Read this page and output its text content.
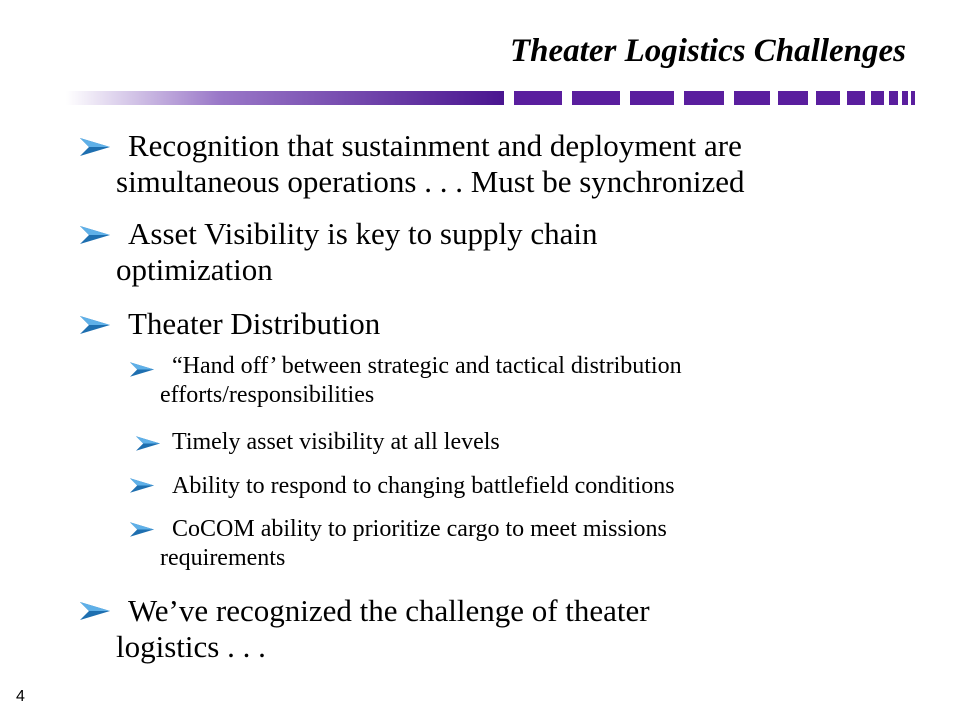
Theater Logistics Challenges
Recognition that sustainment and deployment are
simultaneous operations . . . Must be synchronized
Asset Visibility is key to supply chain
optimization
Theater Distribution
“Hand off’ between strategic and tactical distribution
efforts/responsibilities
Timely asset visibility at all levels
Ability to respond to changing battlefield conditions
CoCOM ability to prioritize cargo to meet missions
requirements
We’ve recognized the challenge of theater
logistics . . .
4
